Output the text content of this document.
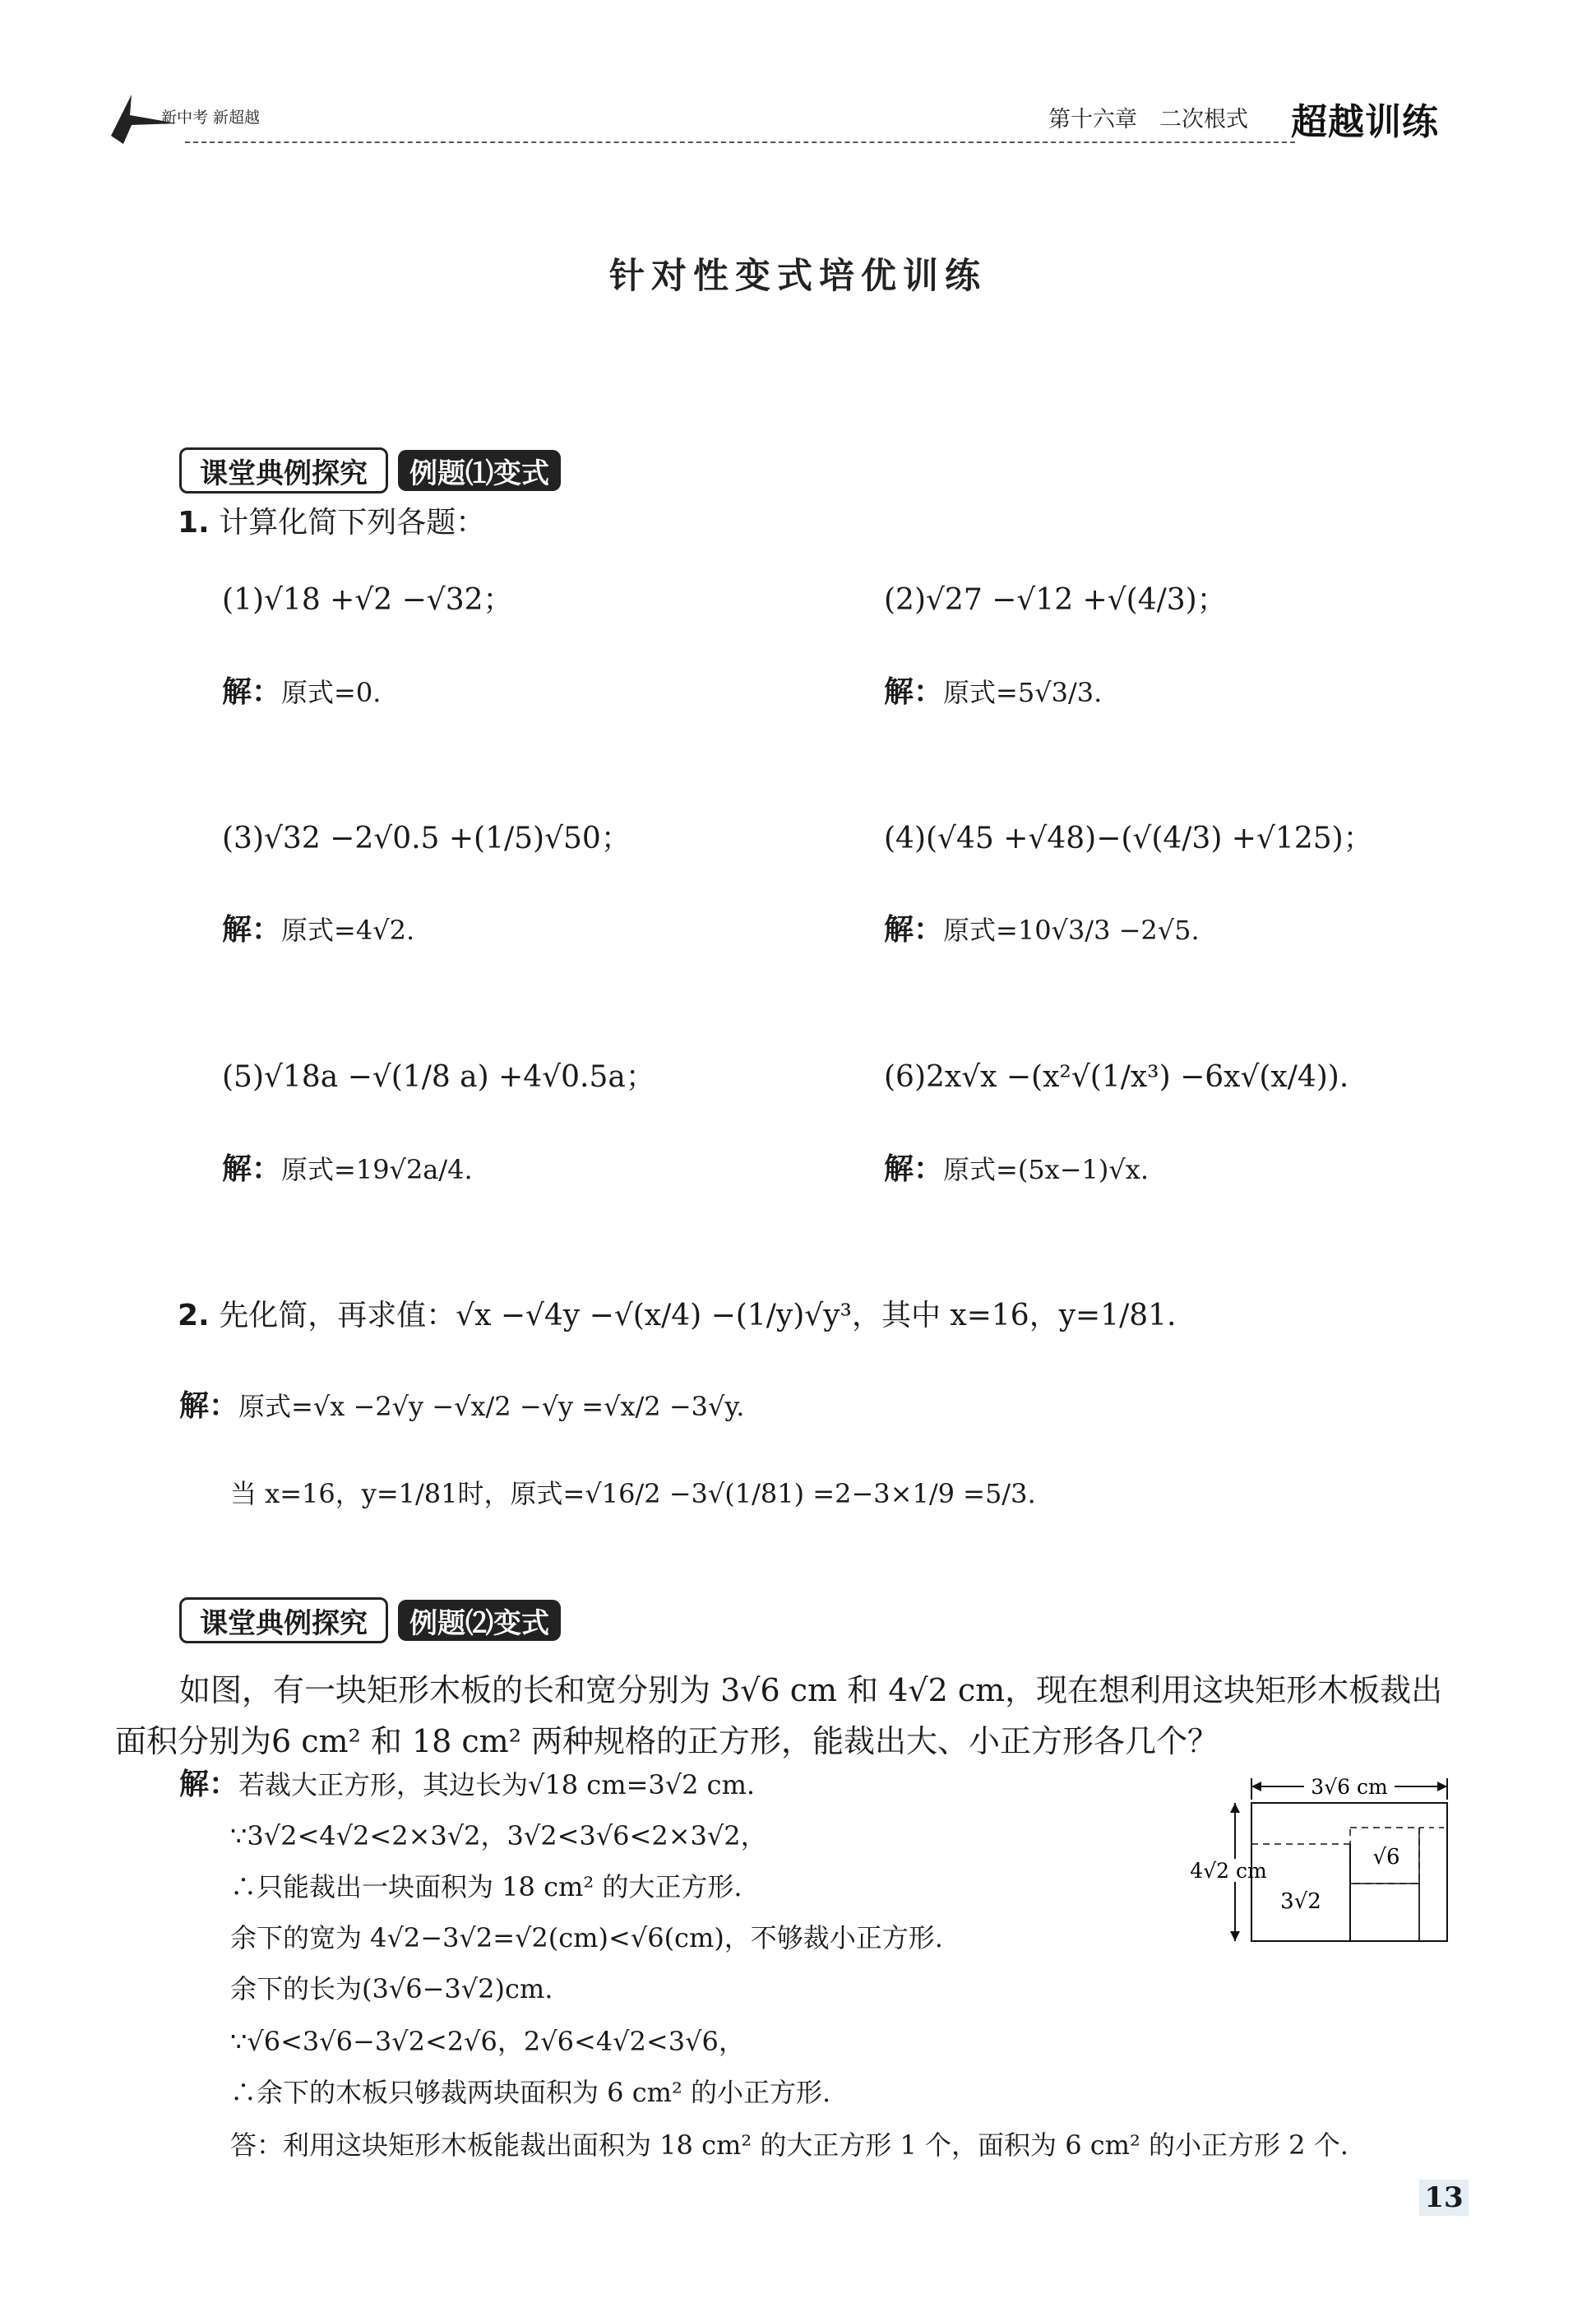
新中考 新超越	第十六章　二次根式 超越训练
针对性变式培优训练
课堂典例探究	例题⑴变式
1. 计算化简下列各题：
(1)√18 +√2 −√32；
解：原式=0.
(2)√27 −√12 +√(4/3)；
解：原式=5√3/3.
(3)√32 −2√0.5 +(1/5)√50；
解：原式=4√2.
(4)(√45 +√48)−(√(4/3) +√125)；
解：原式=10√3/3 −2√5.
(5)√18a −√(1/8 a) +4√0.5a；
解：原式=19√2a/4.
(6)2x√x −(x²√(1/x³) −6x√(x/4)).
解：原式=(5x−1)√x.
2. 先化简，再求值：√x −√4y −√(x/4) −(1/y)√y³，其中 x=16，y=1/81.
解：原式=√x −2√y −√x/2 −√y =√x/2 −3√y.
当 x=16，y=1/81时，原式=√16/2 −3√(1/81) =2−3×1/9 =5/3.
课堂典例探究	例题⑵变式
如图，有一块矩形木板的长和宽分别为 3√6 cm 和 4√2 cm，现在想利用这块矩形木板裁出
面积分别为6 cm² 和 18 cm² 两种规格的正方形，能裁出大、小正方形各几个？
解：若裁大正方形，其边长为√18 cm=3√2 cm.
∵3√2<4√2<2×3√2，3√2<3√6<2×3√2，
∴只能裁出一块面积为 18 cm² 的大正方形.
余下的宽为 4√2−3√2=√2(cm)<√6(cm)，不够裁小正方形.
余下的长为(3√6−3√2)cm.
∵√6<3√6−3√2<2√6，2√6<4√2<3√6，
∴余下的木板只够裁两块面积为 6 cm² 的小正方形.
答：利用这块矩形木板能裁出面积为 18 cm² 的大正方形 1 个，面积为 6 cm² 的小正方形 2 个.
3√6 cm
4√2 cm
3√2
√6
13
